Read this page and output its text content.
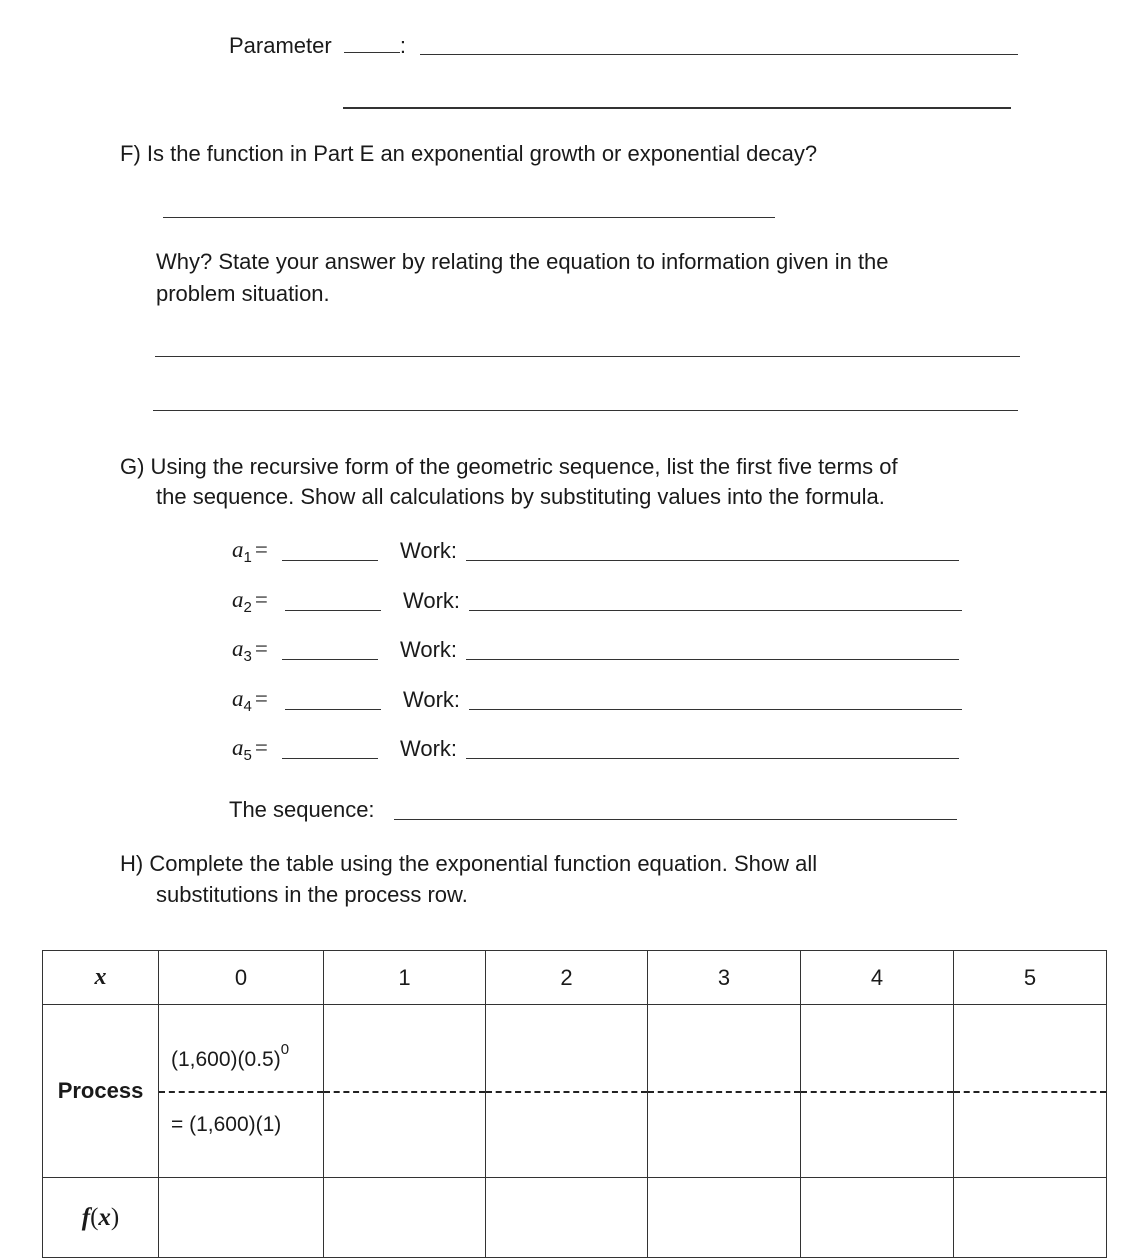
Parameter	:
F) Is the function in Part E an exponential growth or exponential decay?
Why? State your answer by relating the equation to information given in the
problem situation.
G) Using the recursive form of the geometric sequence, list the first five terms of
the sequence. Show all calculations by substituting values into the formula.
$a_1$ =	Work:
$a_2$ =	Work:
$a_3$ =	Work:
$a_4$ =	Work:
$a_5$ =	Work:
The sequence:
H) Complete the table using the exponential function equation. Show all
substitutions in the process row.
x	0	1	2	3	4	5
Process	$(1,600)(0.5)^0$
= (1,600)(1)					

f(x)						
